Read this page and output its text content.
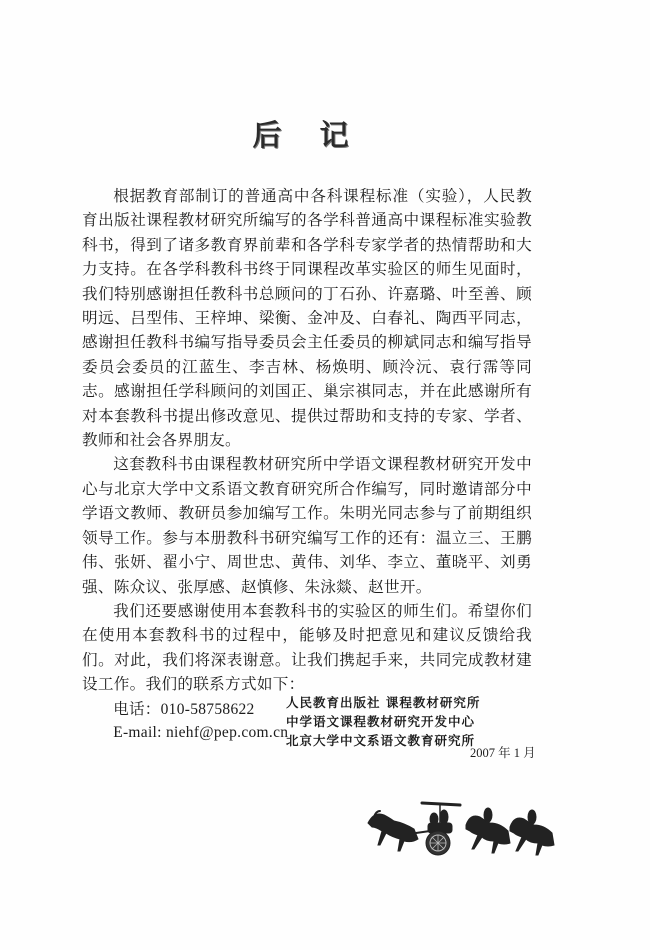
后 记

根据教育部制订的普通高中各科课程标准（实验），人民教育出版社课程教材研究所编写的各学科普通高中课程标准实验教科书，得到了诸多教育界前辈和各学科专家学者的热情帮助和大力支持。在各学科教科书终于同课程改革实验区的师生见面时，我们特别感谢担任教科书总顾问的丁石孙、许嘉璐、叶至善、顾明远、吕型伟、王梓坤、梁衡、金冲及、白春礼、陶西平同志，感谢担任教科书编写指导委员会主任委员的柳斌同志和编写指导委员会委员的江蓝生、李吉林、杨焕明、顾泠沅、袁行霈等同志。感谢担任学科顾问的刘国正、巢宗祺同志，并在此感谢所有对本套教科书提出修改意见、提供过帮助和支持的专家、学者、教师和社会各界朋友。

这套教科书由课程教材研究所中学语文课程教材研究开发中心与北京大学中文系语文教育研究所合作编写，同时邀请部分中学语文教师、教研员参加编写工作。朱明光同志参与了前期组织领导工作。参与本册教科书研究编写工作的还有：温立三、王鹏伟、张妍、翟小宁、周世忠、黄伟、刘华、李立、董晓平、刘勇强、陈众议、张厚感、赵慎修、朱泳燚、赵世开。

我们还要感谢使用本套教科书的实验区的师生们。希望你们在使用本套教科书的过程中，能够及时把意见和建议反馈给我们。对此，我们将深表谢意。让我们携起手来，共同完成教材建设工作。我们的联系方式如下：

电话：010-58758622
E-mail: niehf@pep.com.cn
人民教育出版社 课程教材研究所
中学语文课程教材研究开发中心
北京大学中文系语文教育研究所
2007 年 1 月
